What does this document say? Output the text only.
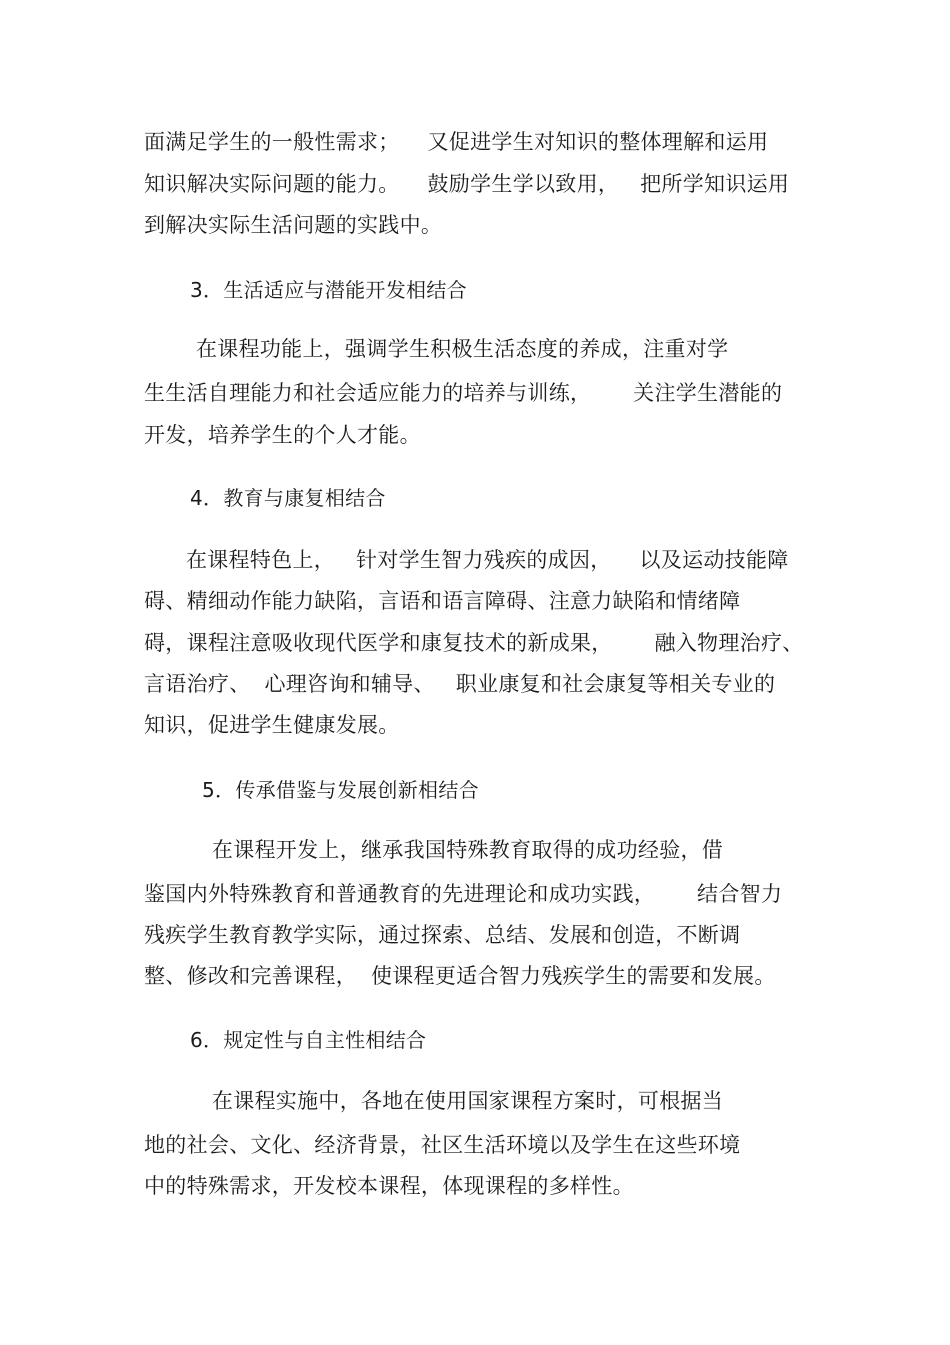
面满足学生的一般性需求；    又促进学生对知识的整体理解和运用
知识解决实际问题的能力。    鼓励学生学以致用，   把所学知识运用
到解决实际生活问题的实践中。
3．生活适应与潜能开发相结合
在课程功能上，强调学生积极生活态度的养成，注重对学
生生活自理能力和社会适应能力的培养与训练，      关注学生潜能的
开发，培养学生的个人才能。
4．教育与康复相结合
在课程特色上，   针对学生智力残疾的成因，    以及运动技能障
碍、精细动作能力缺陷，言语和语言障碍、注意力缺陷和情绪障
碍，课程注意吸收现代医学和康复技术的新成果，      融入物理治疗、
言语治疗、  心理咨询和辅导、   职业康复和社会康复等相关专业的
知识，促进学生健康发展。
5．传承借鉴与发展创新相结合
在课程开发上，继承我国特殊教育取得的成功经验，借
鉴国内外特殊教育和普通教育的先进理论和成功实践，      结合智力
残疾学生教育教学实际，通过探索、总结、发展和创造，不断调
整、修改和完善课程，  使课程更适合智力残疾学生的需要和发展。
6．规定性与自主性相结合
在课程实施中，各地在使用国家课程方案时，可根据当
地的社会、文化、经济背景，社区生活环境以及学生在这些环境
中的特殊需求，开发校本课程，体现课程的多样性。
